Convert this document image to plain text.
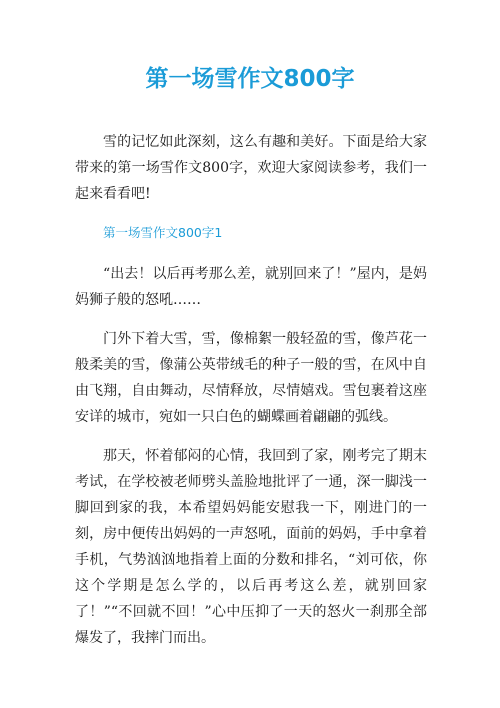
第一场雪作文800字

雪的记忆如此深刻，这么有趣和美好。下面是给大家带来的第一场雪作文800字，欢迎大家阅读参考，我们一起来看看吧!

第一场雪作文800字1

“出去！以后再考那么差，就别回来了！”屋内，是妈妈狮子般的怒吼……

门外下着大雪，雪，像棉絮一般轻盈的雪，像芦花一般柔美的雪，像蒲公英带绒毛的种子一般的雪，在风中自由飞翔，自由舞动，尽情释放，尽情嬉戏。雪包裹着这座安详的城市，宛如一只白色的蝴蝶画着翩翩的弧线。

那天，怀着郁闷的心情，我回到了家，刚考完了期末考试，在学校被老师劈头盖脸地批评了一通，深一脚浅一脚回到家的我，本希望妈妈能安慰我一下，刚进门的一刻，房中便传出妈妈的一声怒吼，面前的妈妈，手中拿着手机，气势汹汹地指着上面的分数和排名，“刘可依，你这个学期是怎么学的，以后再考这么差，就别回家了！”“不回就不回！”心中压抑了一天的怒火一刹那全部爆发了，我摔门而出。
